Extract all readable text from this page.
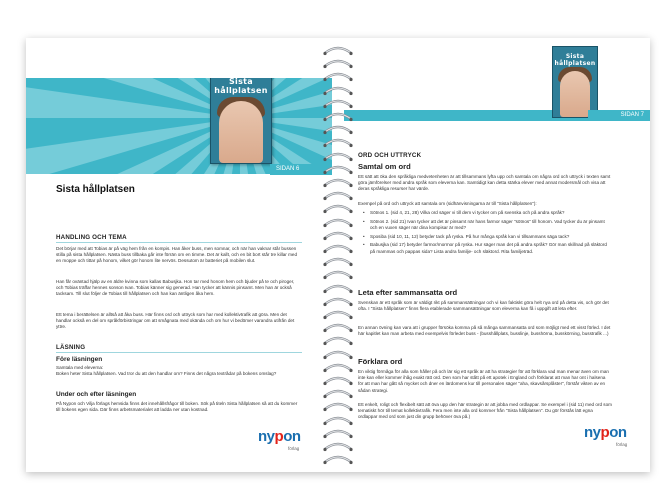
Sista hållplatsen
SIDAN 6
Sista hållplatsen
HANDLING OCH TEMA
Det börjar med att Tobias är på väg hem från en kompis. Han åker buss, men somnar, och när han vaknar står bussen stilla på sista hållplatsen. Nästa buss tillbaka går inte förrän om en timme. Det är kallt, och en bit bort står tre killar med en moppe och tittar på honom, vilket gör honom lite nervös. Dessutom är batteriet på mobilen slut.
Han får oväntad hjälp av en äldre kvinna som kallas Babusjka. Hon tar med honom hem och bjuder på te och piroger, och Tobias träffar hennes sonson Ivan. Tobias känner sig generad. Han tycker att kännis pinsamt. Men han är också tacksam. Till slut följer de Tobias till hållplatsen och han kan äntligen åka hem.
Ett tema i berättelsen är alltså att åka buss. Här finns ord och uttryck som har med kollektivtrafik att göra. Men det handlar också en del om språkförbistringar om att smågnata med okända och om hur vi bedömer varandra utifrån det yttre.
LÄSNING
Före läsningen
Samtala med eleverna:
Boken heter Sista hållplatsen. Vad tror du att den handlar om? Finns det några textrådar på bokens omslag?
Under och efter läsningen
På Nypon och Vilja förlags hemsida finns det innehållsfrågor till boken. Sök på titeln Sista hållplatsen så att du kommer till bokens egen sida. Där finns arbetsmaterialet att ladda ner utan kostnad.
nypon
förlag
Sista hållplatsen
SIDAN 7
ORD OCH UTTRYCK
Samtal om ord
Ett sätt att öka den språkliga medvetenheten är att tillsammans lyfta upp och samtala om några ord och uttryck i texten samt göra jämförelser med andra språk som eleverna kan. Samtidigt kan detta stärka elever med annat modersmål och visa att deras språkliga resurser har värde.
Exempel på ord och uttryck att samtala om (sidhänvisningarna är till "Sista hållplatsen"):
• Sötnos 1. (sid 4, 21, 28) Vilka ord säger vi till dem vi tycker om på svenska och på andra språk?
• Sötnos 2. (sid 21) Ivan tycker att det är pinsamt när hans farmor säger "sötnos" till honom. Vad tycker du är pinsamt och en vuxen säger när dina kompisar är med?
• Sposiba (sid 10, 11, 12) betyder tack på ryska. På hur många språk kan vi tillsammans säga tack?
• Babusjka (sid 17) betyder farmor/mormor på ryska. Hur säger man det på andra språk? Gör man skillnad på släktord på mammas och pappas sida? Lista andra familje- och släktord. Rita familjeträd.
Leta efter sammansatta ord
Svenskan är ett språk som är väldigt rikt på sammansättningar och vi kan faktiskt göra helt nya ord på detta vis, och gör det ofta. I "Sista hållplatsen" finns flera etablerade sammansättningar som eleverna kan få i uppgift att leta efter.
En annan övning kan vara att i grupper försöka komma på så många sammansatta ord som möjligt med ett visst förled. I det här kapitlet kan man arbeta med exempelvis förledet buss - (busshållplats, busslinje, busshörna, busskörning, busstrafik ...)
Förklara ord
En viktig förmåga för alla som håller på och lär sig ett språk är att ha strategier för att förklara vad man menar även om man inte kan eller kommer ihåg exakt rätt ord. Den som har stått på ett apotek i England och förklarat att man har ont i halsena för att man har gått så mycket och dner en lärdomens kur till personalen säger "aha, skavsårsplåster", förstår vikten av en sådan strategi.
Ett enkelt, roligt och flexibelt sätt att öva upp den här strategin är att jobba med ordlappar. Se exempel i (sid 11) med ord som tematiskt hör till temat kollektivtrafik. Fera men inte alla ord kommer från "Sista hållplatsen". Du gör förstås lätt egna ordlappar med ord som just din grupp behöver öva på.)
nypon
förlag
